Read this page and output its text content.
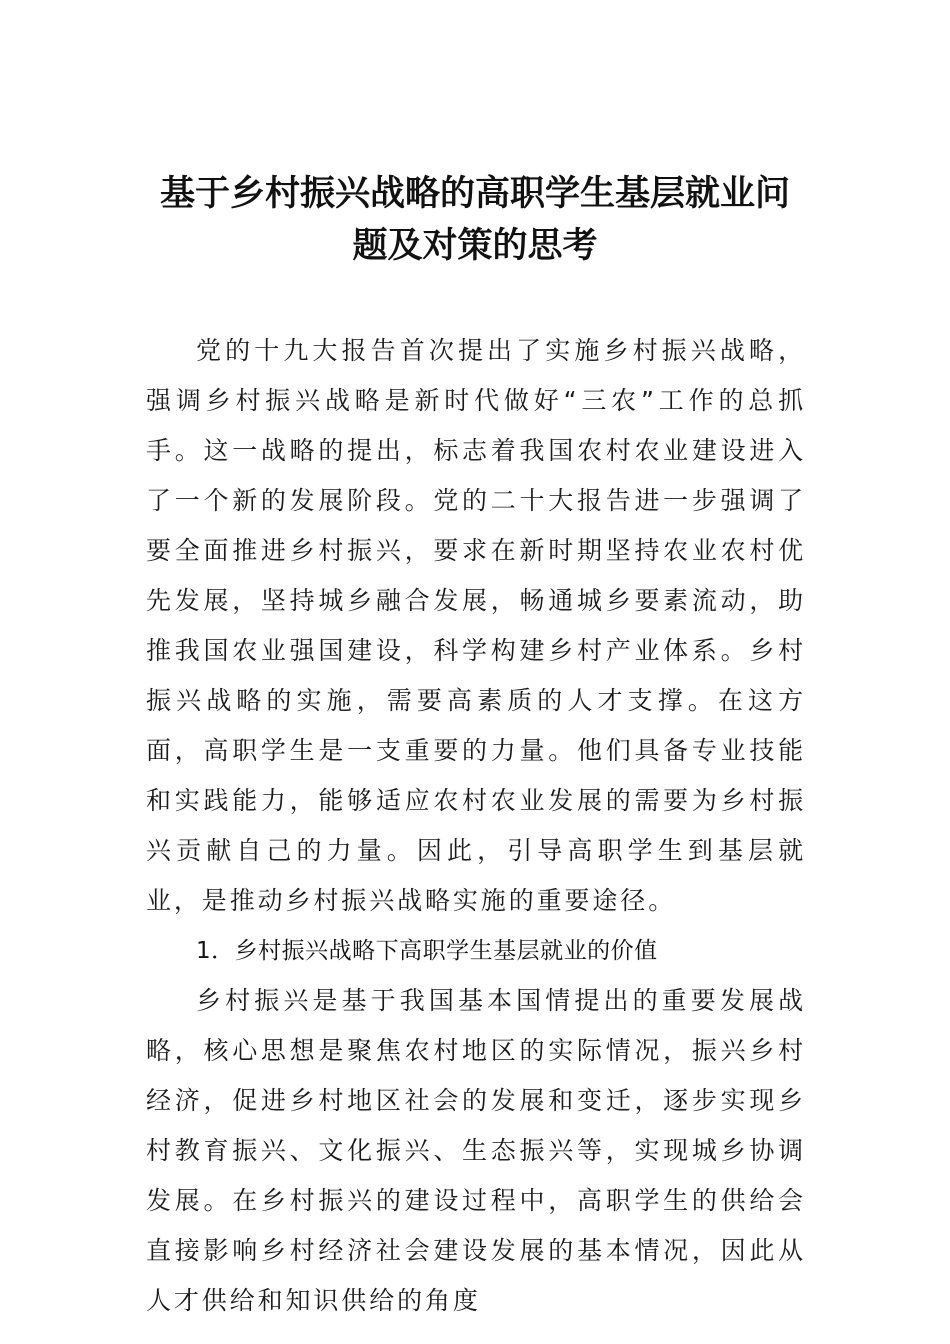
基于乡村振兴战略的高职学生基层就业问
题及对策的思考

党的十九大报告首次提出了实施乡村振兴战略，强调乡村振兴战略是新时代做好“三农”工作的总抓手。这一战略的提出，标志着我国农村农业建设进入了一个新的发展阶段。党的二十大报告进一步强调了要全面推进乡村振兴，要求在新时期坚持农业农村优先发展，坚持城乡融合发展，畅通城乡要素流动，助推我国农业强国建设，科学构建乡村产业体系。乡村振兴战略的实施，需要高素质的人才支撑。在这方面，高职学生是一支重要的力量。他们具备专业技能和实践能力，能够适应农村农业发展的需要为乡村振兴贡献自己的力量。因此，引导高职学生到基层就业，是推动乡村振兴战略实施的重要途径。

1．乡村振兴战略下高职学生基层就业的价值

乡村振兴是基于我国基本国情提出的重要发展战略，核心思想是聚焦农村地区的实际情况，振兴乡村经济，促进乡村地区社会的发展和变迁，逐步实现乡村教育振兴、文化振兴、生态振兴等，实现城乡协调发展。在乡村振兴的建设过程中，高职学生的供给会直接影响乡村经济社会建设发展的基本情况，因此从人才供给和知识供给的角度
